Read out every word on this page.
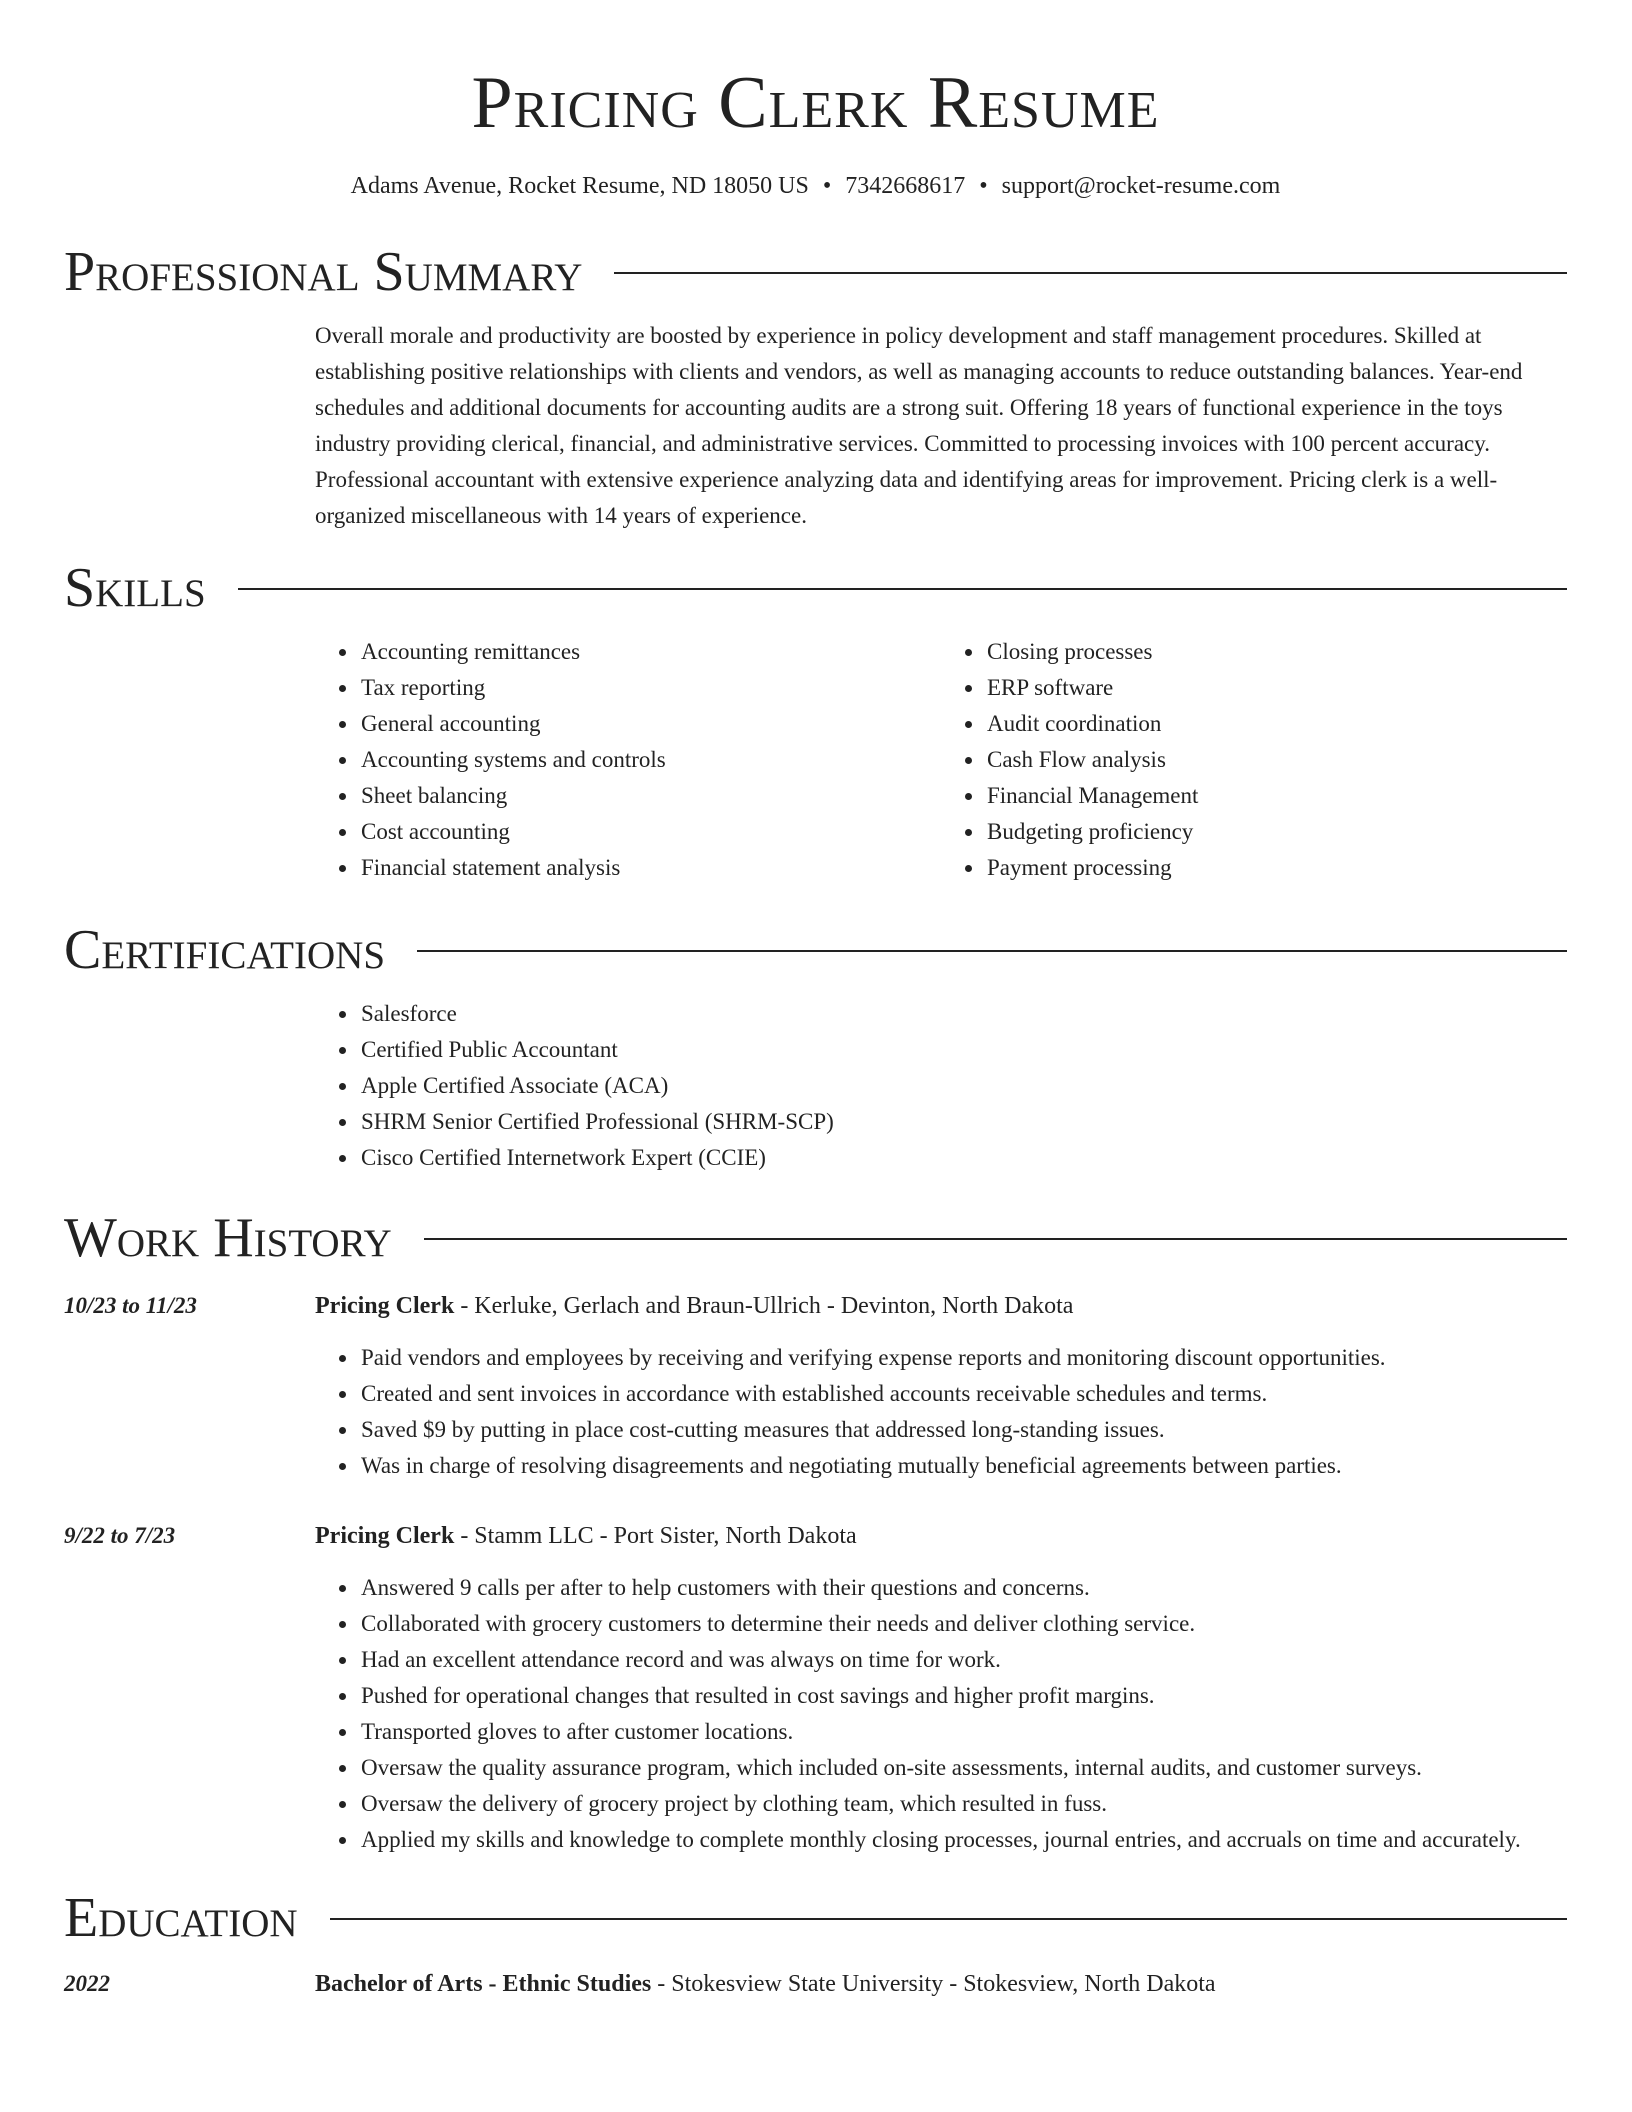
Pricing Clerk Resume
Adams Avenue, Rocket Resume, ND 18050 US • 7342668617 • support@rocket-resume.com
Professional Summary

Overall morale and productivity are boosted by experience in policy development and staff management procedures. Skilled at establishing positive relationships with clients and vendors, as well as managing accounts to reduce outstanding balances. Year-end schedules and additional documents for accounting audits are a strong suit. Offering 18 years of functional experience in the toys industry providing clerical, financial, and administrative services. Committed to processing invoices with 100 percent accuracy. Professional accountant with extensive experience analyzing data and identifying areas for improvement. Pricing clerk is a well-organized miscellaneous with 14 years of experience.

Skills
• Accounting remittances
• Tax reporting
• General accounting
• Accounting systems and controls
• Sheet balancing
• Cost accounting
• Financial statement analysis
• Closing processes
• ERP software
• Audit coordination
• Cash Flow analysis
• Financial Management
• Budgeting proficiency
• Payment processing
Certifications
• Salesforce
• Certified Public Accountant
• Apple Certified Associate (ACA)
• SHRM Senior Certified Professional (SHRM-SCP)
• Cisco Certified Internetwork Expert (CCIE)
Work History
10/23 to 11/23	Pricing Clerk - Kerluke, Gerlach and Braun-Ullrich - Devinton, North Dakota
• Paid vendors and employees by receiving and verifying expense reports and monitoring discount opportunities.
• Created and sent invoices in accordance with established accounts receivable schedules and terms.
• Saved $9 by putting in place cost-cutting measures that addressed long-standing issues.
• Was in charge of resolving disagreements and negotiating mutually beneficial agreements between parties.
9/22 to 7/23	Pricing Clerk - Stamm LLC - Port Sister, North Dakota
• Answered 9 calls per after to help customers with their questions and concerns.
• Collaborated with grocery customers to determine their needs and deliver clothing service.
• Had an excellent attendance record and was always on time for work.
• Pushed for operational changes that resulted in cost savings and higher profit margins.
• Transported gloves to after customer locations.
• Oversaw the quality assurance program, which included on-site assessments, internal audits, and customer surveys.
• Oversaw the delivery of grocery project by clothing team, which resulted in fuss.
• Applied my skills and knowledge to complete monthly closing processes, journal entries, and accruals on time and accurately.
Education
2022	Bachelor of Arts - Ethnic Studies - Stokesview State University - Stokesview, North Dakota
